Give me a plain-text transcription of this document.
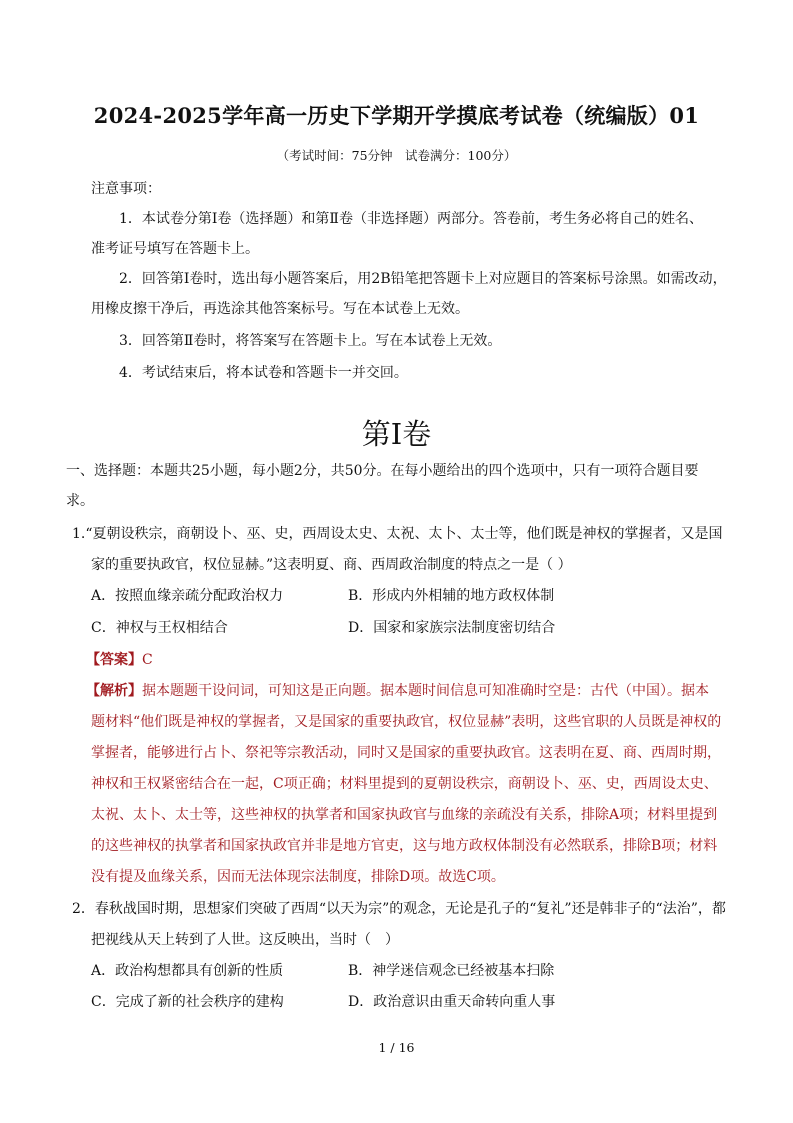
2024-2025学年高一历史下学期开学摸底考试卷（统编版）01
（考试时间：75分钟　试卷满分：100分）
注意事项：
1．本试卷分第Ⅰ卷（选择题）和第Ⅱ卷（非选择题）两部分。答卷前，考生务必将自己的姓名、
准考证号填写在答题卡上。
2．回答第Ⅰ卷时，选出每小题答案后，用2B铅笔把答题卡上对应题目的答案标号涂黑。如需改动，
用橡皮擦干净后，再选涂其他答案标号。写在本试卷上无效。
3．回答第Ⅱ卷时，将答案写在答题卡上。写在本试卷上无效。
4．考试结束后，将本试卷和答题卡一并交回。
第Ⅰ卷
一、选择题：本题共25小题，每小题2分，共50分。在每小题给出的四个选项中，只有一项符合题目要
求。
1.“夏朝设秩宗，商朝设卜、巫、史，西周设太史、太祝、太卜、太士等，他们既是神权的掌握者，又是国
家的重要执政官，权位显赫。”这表明夏、商、西周政治制度的特点之一是（ ）
A．按照血缘亲疏分配政治权力	B．形成内外相辅的地方政权体制
C．神权与王权相结合	D．国家和家族宗法制度密切结合
【答案】C
【解析】据本题题干设问词，可知这是正向题。据本题时间信息可知准确时空是：古代（中国）。据本
题材料“他们既是神权的掌握者，又是国家的重要执政官，权位显赫”表明，这些官职的人员既是神权的
掌握者，能够进行占卜、祭祀等宗教活动，同时又是国家的重要执政官。这表明在夏、商、西周时期，
神权和王权紧密结合在一起，C项正确；材料里提到的夏朝设秩宗，商朝设卜、巫、史，西周设太史、
太祝、太卜、太士等，这些神权的执掌者和国家执政官与血缘的亲疏没有关系，排除A项；材料里提到
的这些神权的执掌者和国家执政官并非是地方官吏，这与地方政权体制没有必然联系，排除B项；材料
没有提及血缘关系，因而无法体现宗法制度，排除D项。故选C项。
2．春秋战国时期，思想家们突破了西周“以天为宗”的观念，无论是孔子的“复礼”还是韩非子的“法治”，都
把视线从天上转到了人世。这反映出，当时（　）
A．政治构想都具有创新的性质	B．神学迷信观念已经被基本扫除
C．完成了新的社会秩序的建构	D．政治意识由重天命转向重人事
1 / 16
